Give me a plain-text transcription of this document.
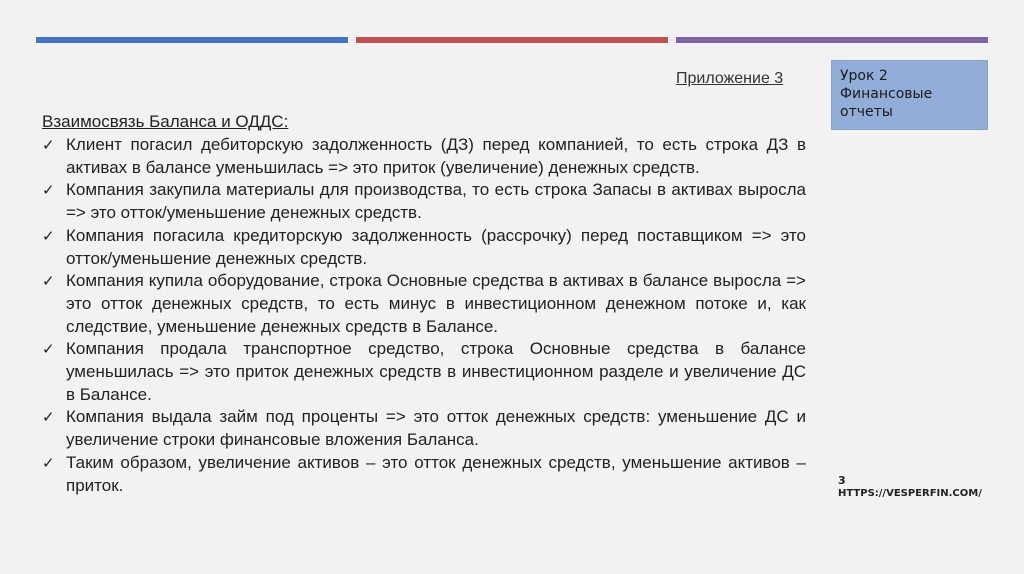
Приложение 3	Урок 2
Финансовые
отчеты
Взаимосвязь Баланса и ОДДС:
✓ Клиент погасил дебиторскую задолженность (ДЗ) перед компанией, то есть строка ДЗ в активах в балансе уменьшилась => это приток (увеличение) денежных средств.
✓ Компания закупила материалы для производства, то есть строка Запасы в активах выросла => это отток/уменьшение денежных средств.
✓ Компания погасила кредиторскую задолженность (рассрочку) перед поставщиком => это отток/уменьшение денежных средств.
✓ Компания купила оборудование, строка Основные средства в активах в балансе выросла => это отток денежных средств, то есть минус в инвестиционном денежном потоке и, как следствие, уменьшение денежных средств в Балансе.
✓ Компания продала транспортное средство, строка Основные средства в балансе уменьшилась => это приток денежных средств в инвестиционном разделе и увеличение ДС в Балансе.
✓ Компания выдала займ под проценты => это отток денежных средств: уменьшение ДС и увеличение строки финансовые вложения Баланса.
✓ Таким образом, увеличение активов – это отток денежных средств, уменьшение активов – приток.	3
HTTPS://VESPERFIN.COM/
